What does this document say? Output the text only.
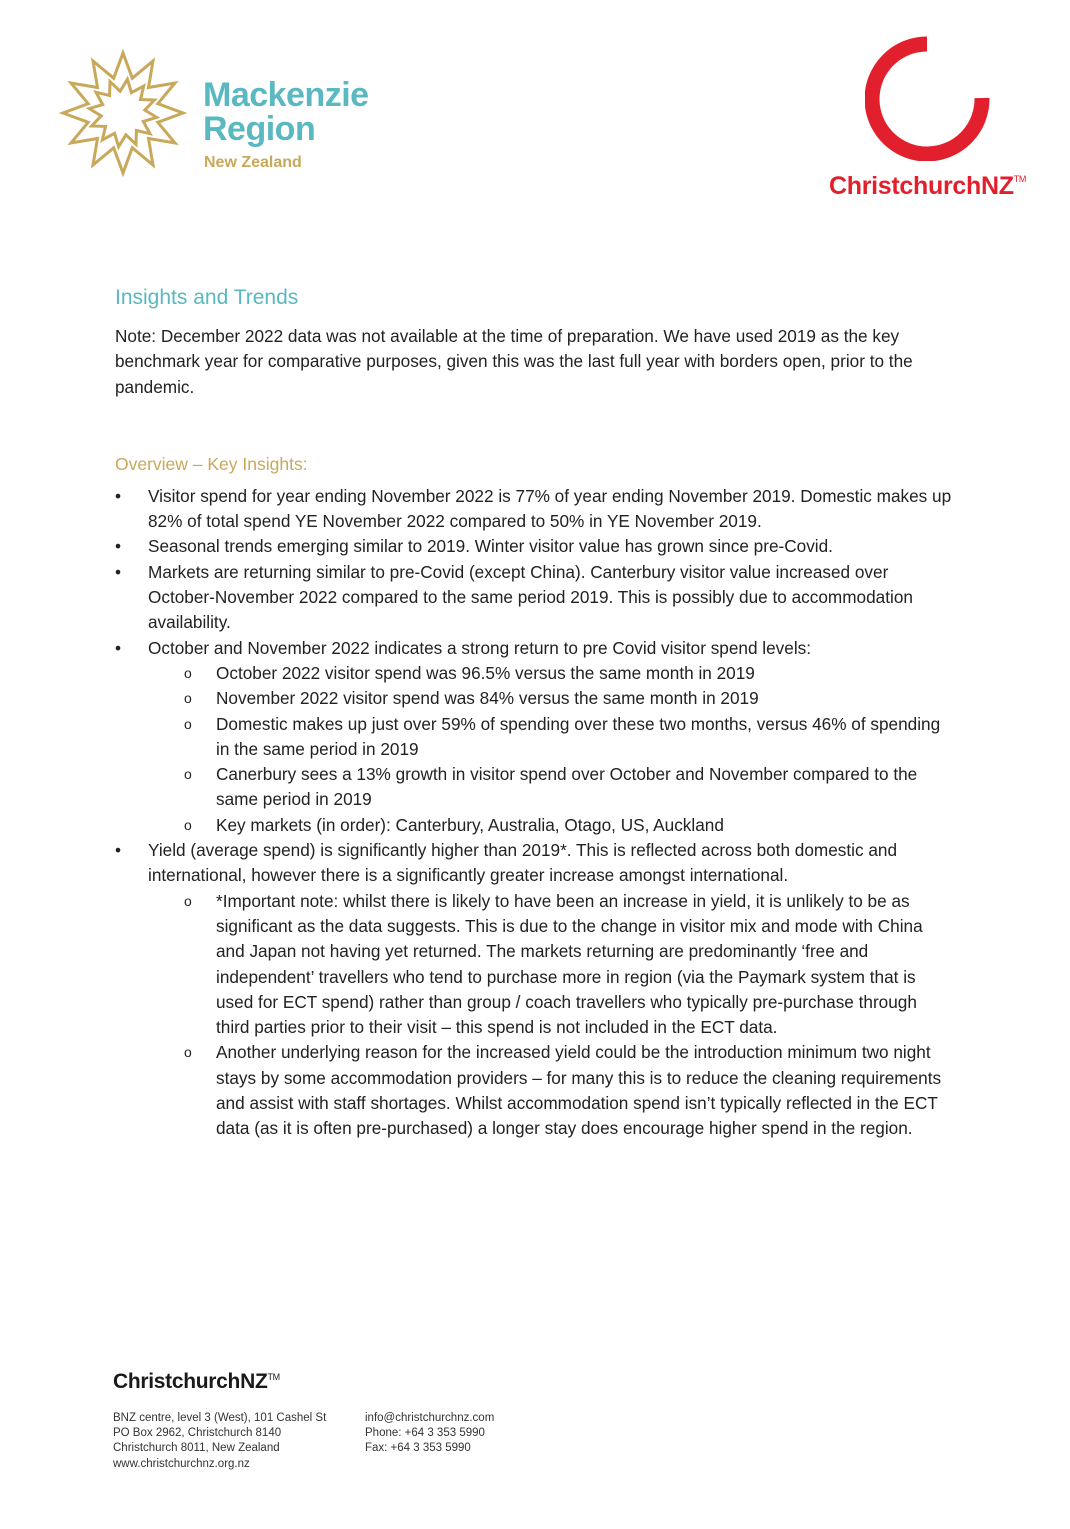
Mackenzie
Region
New Zealand
ChristchurchNZ™
Insights and Trends

Note: December 2022 data was not available at the time of preparation. We have used 2019 as the key benchmark year for comparative purposes, given this was the last full year with borders open, prior to the pandemic.

Overview – Key Insights:
• Visitor spend for year ending November 2022 is 77% of year ending November 2019. Domestic makes up 82% of total spend YE November 2022 compared to 50% in YE November 2019.
• Seasonal trends emerging similar to 2019. Winter visitor value has grown since pre-Covid.
• Markets are returning similar to pre-Covid (except China). Canterbury visitor value increased over October-November 2022 compared to the same period 2019. This is possibly due to accommodation availability.
• October and November 2022 indicates a strong return to pre Covid visitor spend levels:
o October 2022 visitor spend was 96.5% versus the same month in 2019
o November 2022 visitor spend was 84% versus the same month in 2019
o Domestic makes up just over 59% of spending over these two months, versus 46% of spending in the same period in 2019
o Canerbury sees a 13% growth in visitor spend over October and November compared to the same period in 2019
o Key markets (in order): Canterbury, Australia, Otago, US, Auckland
• Yield (average spend) is significantly higher than 2019*. This is reflected across both domestic and international, however there is a significantly greater increase amongst international.
o *Important note: whilst there is likely to have been an increase in yield, it is unlikely to be as significant as the data suggests. This is due to the change in visitor mix and mode with China and Japan not having yet returned. The markets returning are predominantly ‘free and independent’ travellers who tend to purchase more in region (via the Paymark system that is used for ECT spend) rather than group / coach travellers who typically pre-purchase through third parties prior to their visit – this spend is not included in the ECT data.
o Another underlying reason for the increased yield could be the introduction minimum two night stays by some accommodation providers – for many this is to reduce the cleaning requirements and assist with staff shortages. Whilst accommodation spend isn’t typically reflected in the ECT data (as it is often pre-purchased) a longer stay does encourage higher spend in the region.
ChristchurchNZ™
BNZ centre, level 3 (West), 101 Cashel St
PO Box 2962, Christchurch 8140
Christchurch 8011, New Zealand
www.christchurchnz.org.nz
info@christchurchnz.com
Phone: +64 3 353 5990
Fax: +64 3 353 5990
